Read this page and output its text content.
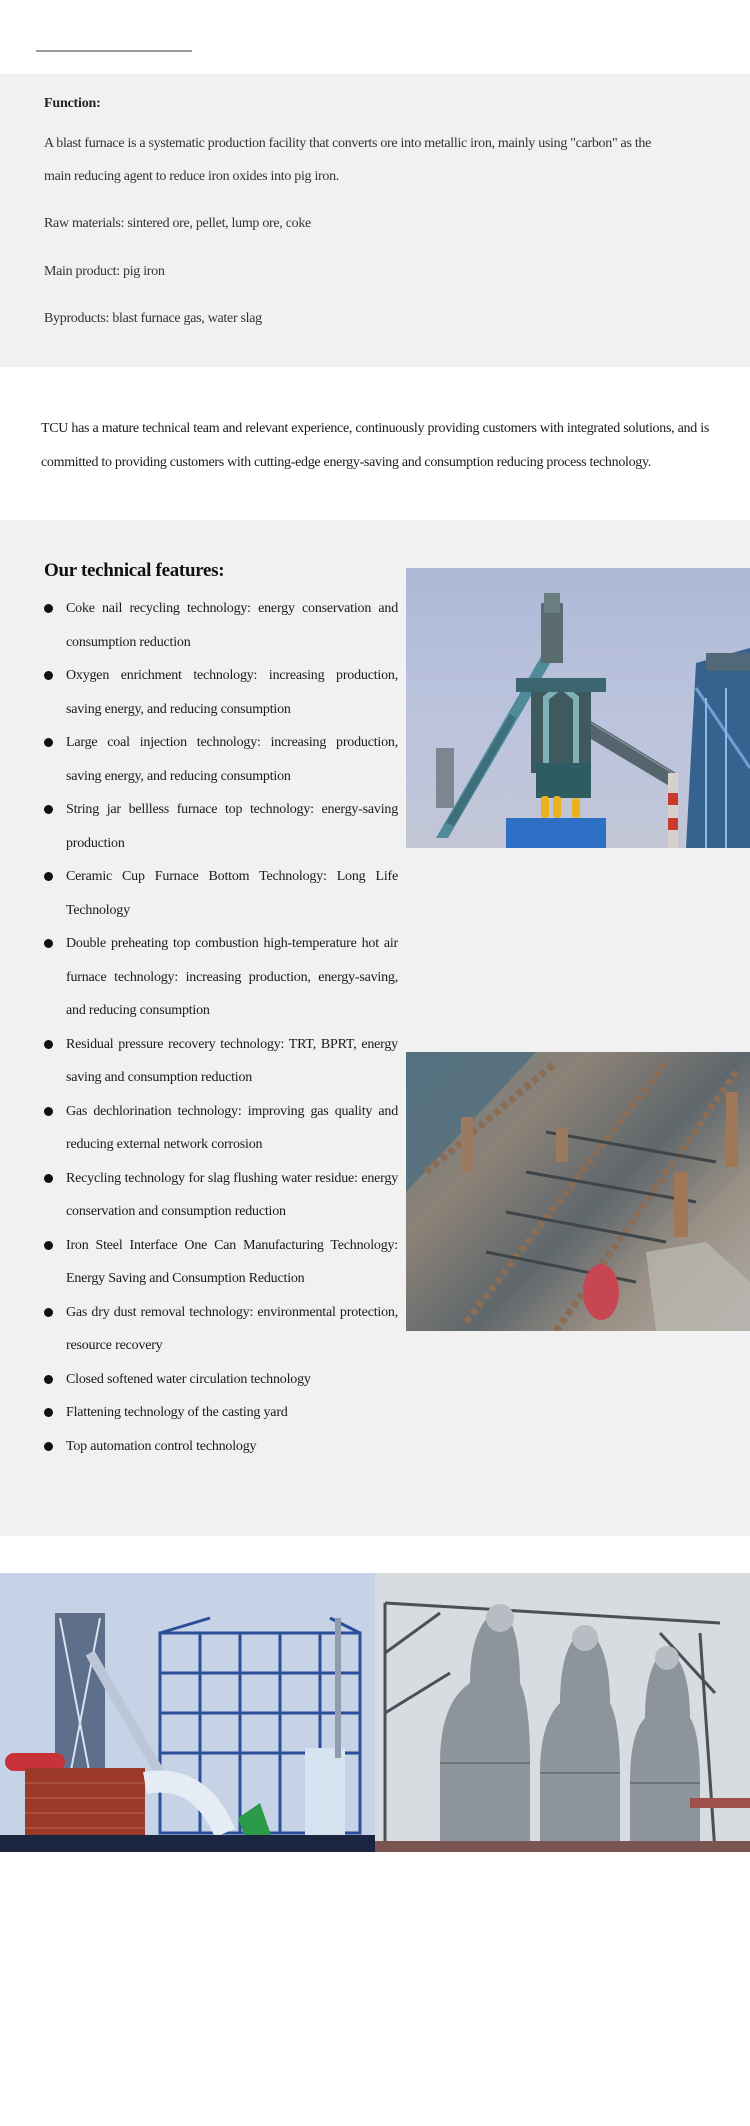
Function:
A blast furnace is a systematic production facility that converts ore into metallic iron, mainly using "carbon" as the
main reducing agent to reduce iron oxides into pig iron.
Raw materials: sintered ore, pellet, lump ore, coke
Main product: pig iron
Byproducts: blast furnace gas, water slag

TCU has a mature technical team and relevant experience, continuously providing customers with integrated solutions, and is committed to providing customers with cutting-edge energy-saving and consumption reducing process technology.

Our technical features:
Coke nail recycling technology: energy conservation and consumption reduction
Oxygen enrichment technology: increasing production, saving energy, and reducing consumption
Large coal injection technology: increasing production, saving energy, and reducing consumption
String jar bellless furnace top technology: energy-saving production
Ceramic Cup Furnace Bottom Technology: Long Life Technology
Double preheating top combustion high-temperature hot air furnace technology: increasing production, energy-saving, and reducing consumption
Residual pressure recovery technology: TRT, BPRT, energy saving and consumption reduction
Gas dechlorination technology: improving gas quality and reducing external network corrosion
Recycling technology for slag flushing water residue: energy conservation and consumption reduction
Iron Steel Interface One Can Manufacturing Technology: Energy Saving and Consumption Reduction
Gas dry dust removal technology: environmental protection, resource recovery
Closed softened water circulation technology
Flattening technology of the casting yard
Top automation control technology
